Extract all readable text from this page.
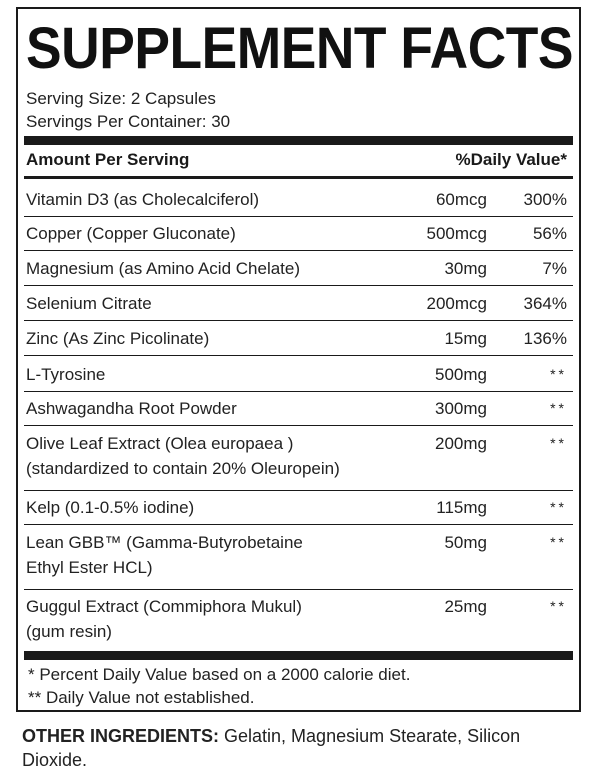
SUPPLEMENT FACTS
Serving Size: 2 Capsules
Servings Per Container: 30
Amount Per Serving	%Daily Value*
Vitamin D3 (as Cholecalciferol)	60mcg 300%
Copper (Copper Gluconate)	500mcg	56%
Magnesium (as Amino Acid Chelate)	30mg	7%
Selenium Citrate	200mcg 364%
Zinc (As Zinc Picolinate)	15mg 136%
L-Tyrosine	500mg	**
Ashwagandha Root Powder	300mg	**
Olive Leaf Extract (Olea europaea )
(standardized to contain 20% Oleuropein)
200mg	**
Kelp (0.1-0.5% iodine)	115mg	**
Lean GBB™ (Gamma-Butyrobetaine
Ethyl Ester HCL)
50mg	**
Guggul Extract (Commiphora Mukul)
(gum resin)
25mg	**
* Percent Daily Value based on a 2000 calorie diet.
** Daily Value not established.
OTHER INGREDIENTS: Gelatin, Magnesium Stearate, Silicon Dioxide.
